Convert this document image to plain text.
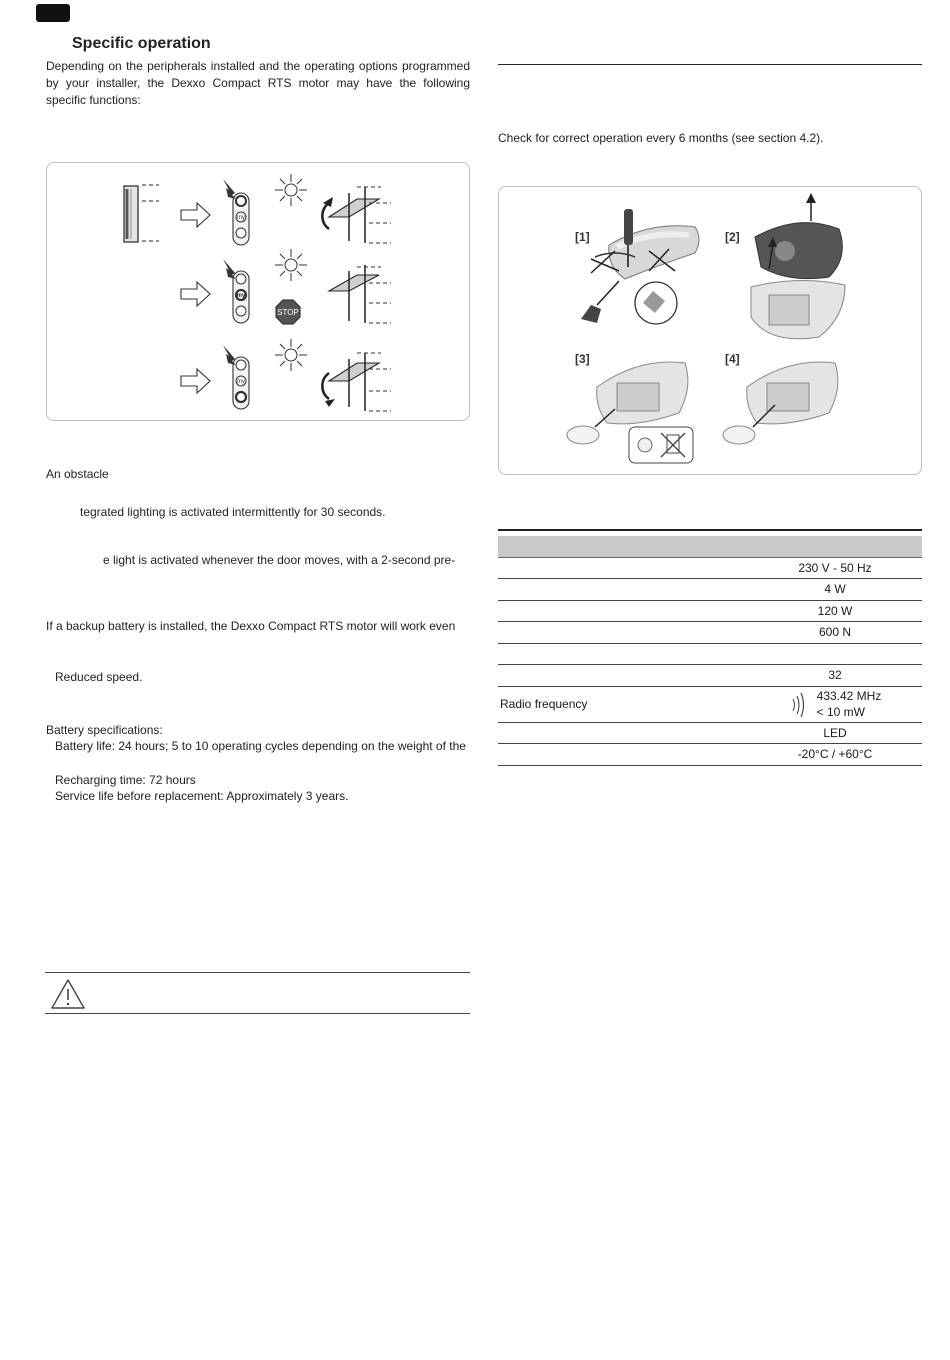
Specific operation
Depending on the peripherals installed and the operating options programmed by your installer, the Dexxo Compact RTS motor may have the following specific functions:
my
my
my
STOP
An obstacle
tegrated lighting is activated intermittently for 30 seconds.
e light is activated whenever the door moves, with a 2-second pre-
If a backup battery is installed, the Dexxo Compact RTS motor will work even
Reduced speed.
Battery specifications:
Battery life: 24 hours; 5 to 10 operating cycles depending on the weight of the
Recharging time: 72 hours
Service life before replacement: Approximately 3 years.
Check for correct operation every 6 months (see section 4.2).
[1]	[2]
[3]	[4]

	230 V - 50 Hz
	4 W
	120 W
	600 N

	32
Radio frequency	433.42 MHz
< 10 mW
	LED
	-20°C / +60°C
